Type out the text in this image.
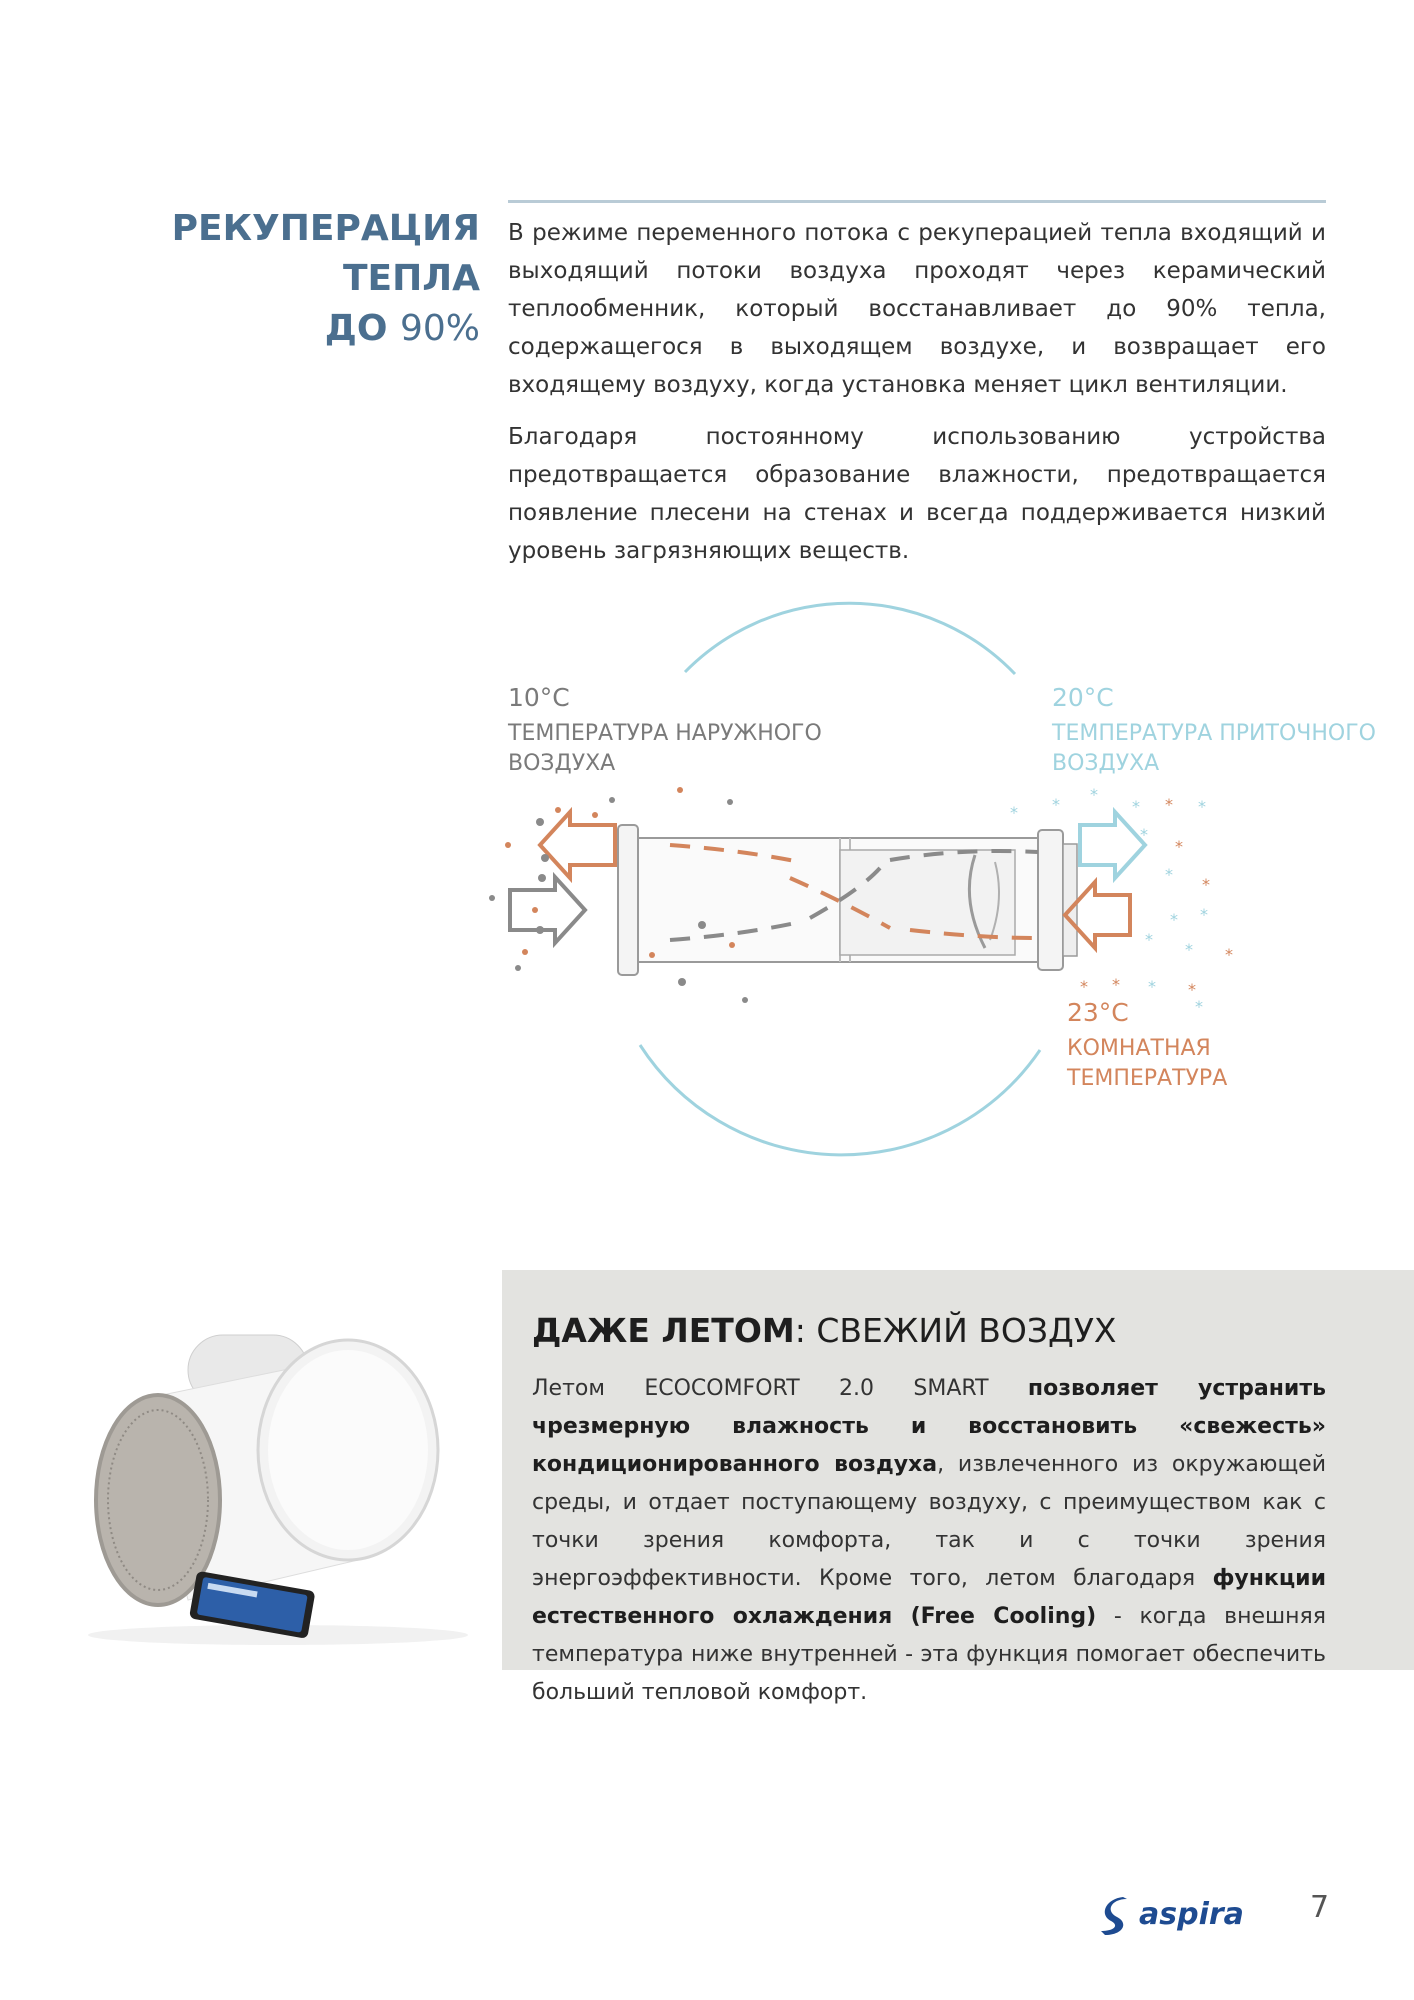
РЕКУПЕРАЦИЯ ТЕПЛА
ДО 90%
В режиме переменного потока с рекуперацией тепла входящий и выходящий потоки воздуха проходят через керамический теплообменник, который восстанавливает до 90% тепла, содержащегося в выходящем воздухе, и возвращает его входящему воздуху, когда установка меняет цикл вентиляции.
Благодаря постоянному использованию устройства предотвращается образование влажности, предотвращается появление плесени на стенах и всегда поддерживается низкий уровень загрязняющих веществ.
* *
*
* * *
*
*
*
*
* *
*
* *
* * * *
*
10°C
ТЕМПЕРАТУРА НАРУЖНОГО
ВОЗДУХА
20°C
ТЕМПЕРАТУРА ПРИТОЧНОГО
ВОЗДУХА
23°C
КОМНАТНАЯ
ТЕМПЕРАТУРА
ДАЖЕ ЛЕТОМ: СВЕЖИЙ ВОЗДУХ
Летом ECOCOMFORT 2.0 SMART позволяет устранить чрезмерную влажность и восстановить «свежесть» кондиционированного воздуха, извлеченного из окружающей среды, и отдает поступающему воздуху, с преимуществом как с точки зрения комфорта, так и с точки зрения энергоэффективности. Кроме того, летом благодаря функции естественного охлаждения (Free Cooling) - когда внешняя температура ниже внутренней - эта функция помогает обеспечить больший тепловой комфорт.
aspira 7
